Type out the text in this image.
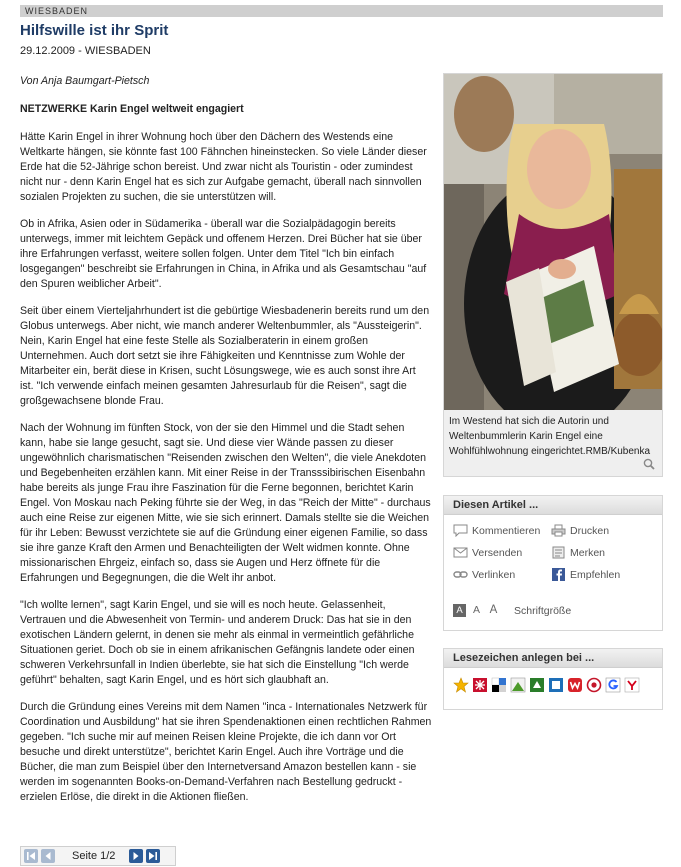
WIESBADEN
Hilfswille ist ihr Sprit
29.12.2009 - WIESBADEN
Von Anja Baumgart-Pietsch
NETZWERKE Karin Engel weltweit engagiert

Hätte Karin Engel in ihrer Wohnung hoch über den Dächern des Westends eine Weltkarte hängen, sie könnte fast 100 Fähnchen hineinstecken. So viele Länder dieser Erde hat die 52-Jährige schon bereist. Und zwar nicht als Touristin - oder zumindest nicht nur - denn Karin Engel hat es sich zur Aufgabe gemacht, überall nach sinnvollen sozialen Projekten zu suchen, die sie unterstützen will.

Ob in Afrika, Asien oder in Südamerika - überall war die Sozialpädagogin bereits unterwegs, immer mit leichtem Gepäck und offenem Herzen. Drei Bücher hat sie über ihre Erfahrungen verfasst, weitere sollen folgen. Unter dem Titel "Ich bin einfach losgegangen" beschreibt sie Erfahrungen in China, in Afrika und als Gesamtschau "auf den Spuren weiblicher Arbeit".

Seit über einem Vierteljahrhundert ist die gebürtige Wiesbadenerin bereits rund um den Globus unterwegs. Aber nicht, wie manch anderer Weltenbummler, als "Aussteigerin". Nein, Karin Engel hat eine feste Stelle als Sozialberaterin in einem großen Unternehmen. Auch dort setzt sie ihre Fähigkeiten und Kenntnisse zum Wohle der Mitarbeiter ein, berät diese in Krisen, sucht Lösungswege, wie es auch sonst ihre Art ist. "Ich verwende einfach meinen gesamten Jahresurlaub für die Reisen", sagt die großgewachsene blonde Frau.

Nach der Wohnung im fünften Stock, von der sie den Himmel und die Stadt sehen kann, habe sie lange gesucht, sagt sie. Und diese vier Wände passen zu dieser ungewöhnlich charismatischen "Reisenden zwischen den Welten", die viele Anekdoten und Begebenheiten erzählen kann. Mit einer Reise in der Transssibirischen Eisenbahn habe bereits als junge Frau ihre Faszination für die Ferne begonnen, berichtet Karin Engel. Von Moskau nach Peking führte sie der Weg, in das "Reich der Mitte" - durchaus auch eine Reise zur eigenen Mitte, wie sie sich erinnert. Damals stellte sie die Weichen für ihr Leben: Bewusst verzichtete sie auf die Gründung einer eigenen Familie, so dass sie ihre ganze Kraft den Armen und Benachteiligten der Welt widmen konnte. Ohne missionarischen Ehrgeiz, einfach so, dass sie Augen und Herz öffnete für die Erfahrungen und Begegnungen, die die Welt ihr anbot.

"Ich wollte lernen", sagt Karin Engel, und sie will es noch heute. Gelassenheit, Vertrauen und die Abwesenheit von Termin- und anderem Druck: Das hat sie in den exotischen Ländern gelernt, in denen sie mehr als einmal in vermeintlich gefährliche Situationen geriet. Doch ob sie in einem afrikanischen Gefängnis landete oder einen schweren Verkehrsunfall in Indien überlebte, sie hat sich die Einstellung "Ich werde geführt" behalten, sagt Karin Engel, und es hört sich glaubhaft an.

Durch die Gründung eines Vereins mit dem Namen "inca - Internationales Netzwerk für Coordination und Ausbildung" hat sie ihren Spendenaktionen einen rechtlichen Rahmen gegeben. "Ich suche mir auf meinen Reisen kleine Projekte, die ich dann vor Ort besuche und direkt unterstütze", berichtet Karin Engel. Auch ihre Vorträge und die Bücher, die man zum Beispiel über den Internetversand Amazon bestellen kann - sie werden im sogenannten Books-on-Demand-Verfahren nach Bestellung gedruckt - erzielen Erlöse, die direkt in die Aktionen fließen.

Im Westend hat sich die Autorin und Weltenbummlerin Karin Engel eine Wohlfühlwohnung eingerichtet.RMB/Kubenka
Diesen Artikel ...
Kommentieren	Drucken
Versenden	Merken
Verlinken	Empfehlen
A A A Schriftgröße
Lesezeichen anlegen bei ...
Seite 1/2
